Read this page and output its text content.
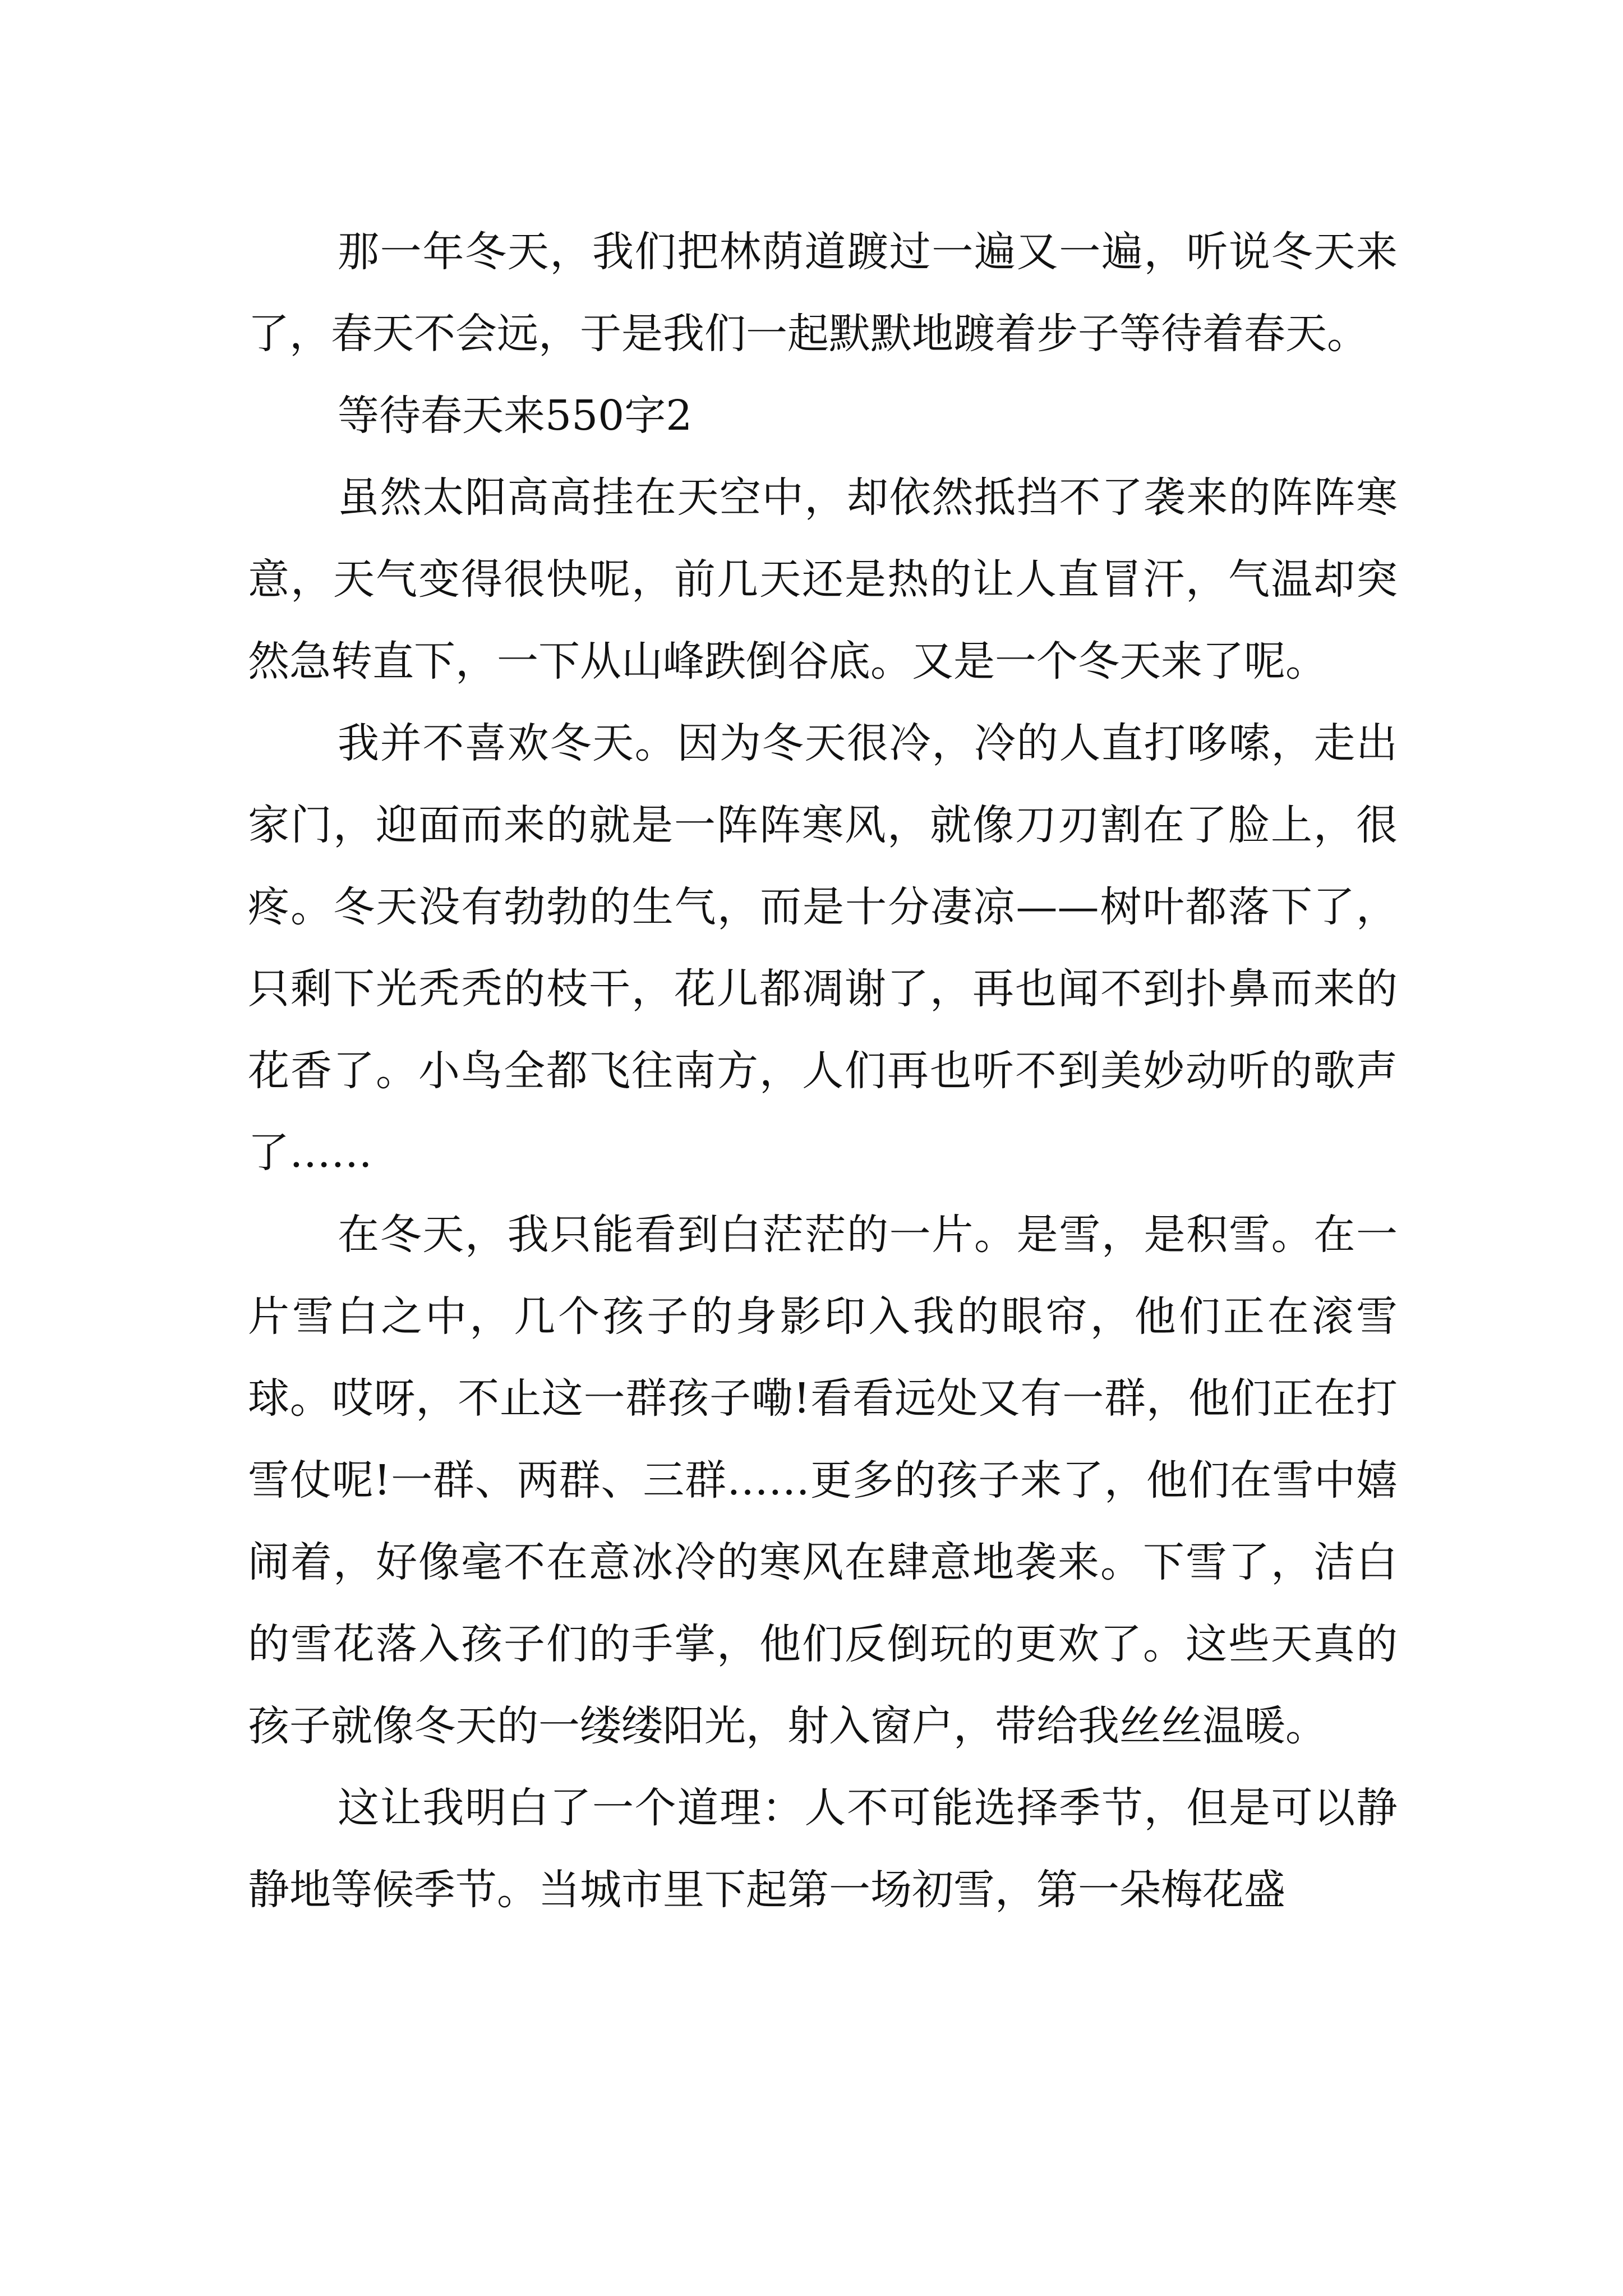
那一年冬天，我们把林荫道踱过一遍又一遍，听说冬天来了，春天不会远，于是我们一起默默地踱着步子等待着春天。

等待春天来550字2

虽然太阳高高挂在天空中，却依然抵挡不了袭来的阵阵寒意，天气变得很快呢，前几天还是热的让人直冒汗，气温却突然急转直下，一下从山峰跌倒谷底。又是一个冬天来了呢。

我并不喜欢冬天。因为冬天很冷，冷的人直打哆嗦，走出家门，迎面而来的就是一阵阵寒风，就像刀刃割在了脸上，很疼。冬天没有勃勃的生气，而是十分凄凉——树叶都落下了，只剩下光秃秃的枝干，花儿都凋谢了，再也闻不到扑鼻而来的花香了。小鸟全都飞往南方，人们再也听不到美妙动听的歌声了……

在冬天，我只能看到白茫茫的一片。是雪，是积雪。在一片雪白之中，几个孩子的身影印入我的眼帘，他们正在滚雪球。哎呀，不止这一群孩子嘞!看看远处又有一群，他们正在打雪仗呢!一群、两群、三群……更多的孩子来了，他们在雪中嬉闹着，好像毫不在意冰冷的寒风在肆意地袭来。下雪了，洁白的雪花落入孩子们的手掌，他们反倒玩的更欢了。这些天真的孩子就像冬天的一缕缕阳光，射入窗户，带给我丝丝温暖。

这让我明白了一个道理：人不可能选择季节，但是可以静静地等候季节。当城市里下起第一场初雪，第一朵梅花盛
